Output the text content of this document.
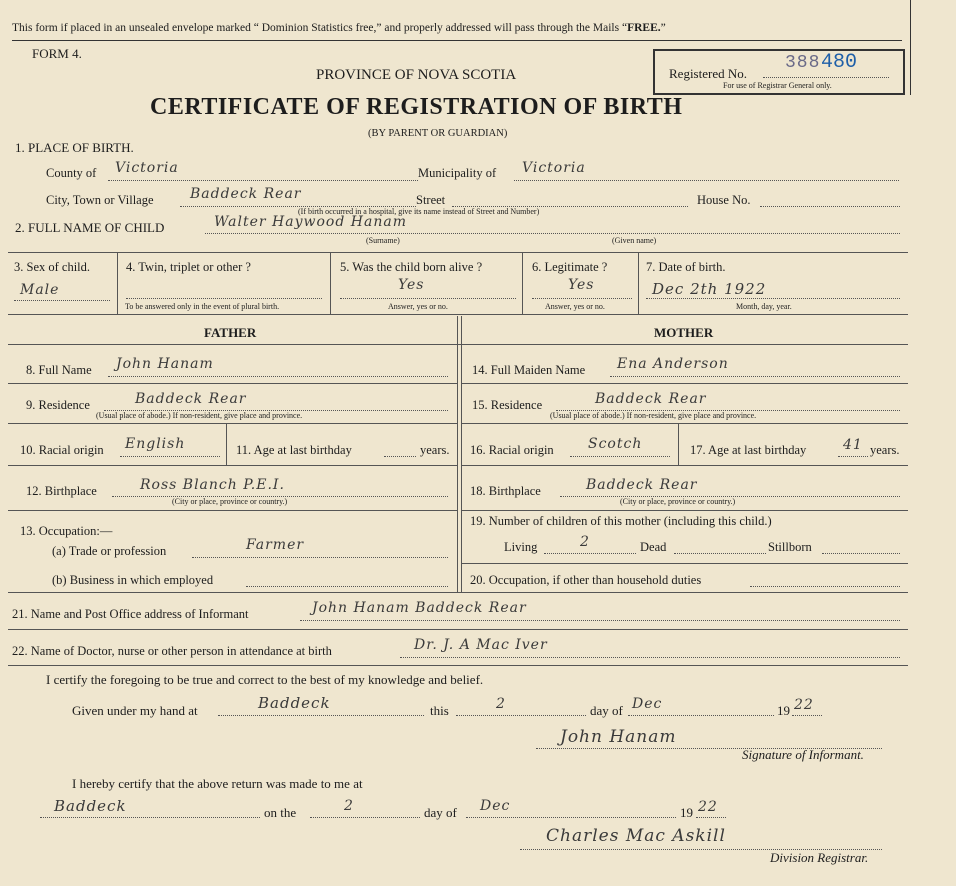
This form if placed in an unsealed envelope marked “ Dominion Statistics free,” and properly addressed will pass through the Mails “FREE.”
FORM 4.
PROVINCE OF NOVA SCOTIA
CERTIFICATE OF REGISTRATION OF BIRTH
(BY PARENT OR GUARDIAN)
Registered No.
388 480
For use of Registrar General only.
1. PLACE OF BIRTH.
County of Victoria	Municipality of Victoria
City, Town or Village	Baddeck Rear	Street
(If birth occurred in a hospital, give its name instead of Street and Number)
House No.
2. FULL NAME OF CHILD	Walter Haywood Hanam
(Surname)	(Given name)
3. Sex of child.
Male
4. Twin, triplet or other ?
To be answered only in the event of plural birth.
5. Was the child born alive ?
Yes
Answer, yes or no.
6. Legitimate ?
Yes
Answer, yes or no.
7. Date of birth.
Dec 2th 1922
Month, day, year.
FATHER	MOTHER
8. Full Name John Hanam
9. Residence	Baddeck Rear
(Usual place of abode.) If non-resident, give place and province.
10. Racial origin English	11. Age at last birthday	years.
12. Birthplace	Ross Blanch P.E.I.
(City or place, province or country.)
13. Occupation:—
(a) Trade or profession	Farmer
(b) Business in which employed
14. Full Maiden Name Ena Anderson
15. Residence	Baddeck Rear
(Usual place of abode.) If non-resident, give place and province.
16. Racial origin Scotch	17. Age at last birthday	41 years.
18. Birthplace	Baddeck Rear
(City or place, province or country.)
19. Number of children of this mother (including this child.)
Living	2	Dead	Stillborn
20. Occupation, if other than household duties
21. Name and Post Office address of Informant	John Hanam Baddeck Rear
22. Name of Doctor, nurse or other person in attendance at birth	Dr. J. A Mac Iver
I certify the foregoing to be true and correct to the best of my knowledge and belief.
Given under my hand at	Baddeck	this	2	day of Dec	19 22
John Hanam
Signature of Informant.
I hereby certify that the above return was made to me at
Baddeck	on the	2	day of Dec	19 22
Charles Mac Askill
Division Registrar.
